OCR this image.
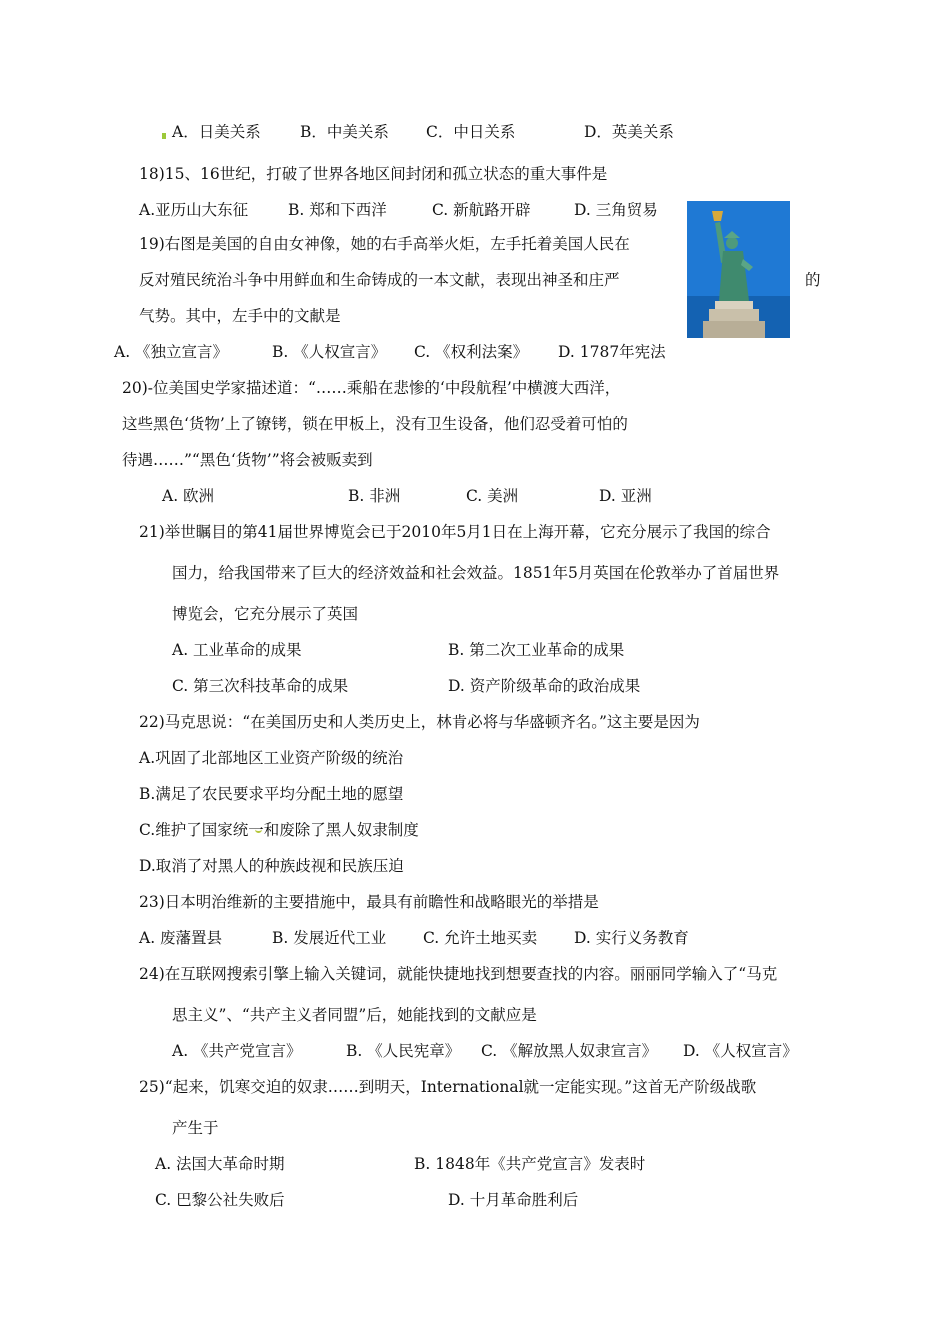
A．日美关系	B．中美关系 C．中日关系	D．英美关系
18)15、16世纪，打破了世界各地区间封闭和孤立状态的重大事件是
A.亚历山大东征	B. 郑和下西洋	C. 新航路开辟	D. 三角贸易
19)右图是美国的自由女神像，她的右手高举火炬，左手托着美国人民在
反对殖民统治斗争中用鲜血和生命铸成的一本文献，表现出神圣和庄严	的
气势。其中，左手中的文献是
A. 《独立宣言》	B. 《人权宣言》 C. 《权利法案》 D. 1787年宪法
20)-位美国史学家描述道：“……乘船在悲惨的‘中段航程’中横渡大西洋，
这些黑色‘货物’上了镣铐，锁在甲板上，没有卫生设备，他们忍受着可怕的
待遇……”“黑色‘货物’”将会被贩卖到
A. 欧洲	B. 非洲	C. 美洲	D. 亚洲
21)举世瞩目的第41届世界博览会已于2010年5月1日在上海开幕，它充分展示了我国的综合
国力，给我国带来了巨大的经济效益和社会效益。1851年5月英国在伦敦举办了首届世界
博览会，它充分展示了英国
A. 工业革命的成果	B. 第二次工业革命的成果
C. 第三次科技革命的成果	D. 资产阶级革命的政治成果
22)马克思说：“在美国历史和人类历史上，林肯必将与华盛顿齐名。”这主要是因为
A.巩固了北部地区工业资产阶级的统治
B.满足了农民要求平均分配土地的愿望
C.维护了国家统一和废除了黑人奴隶制度
D.取消了对黑人的种族歧视和民族压迫
23)日本明治维新的主要措施中，最具有前瞻性和战略眼光的举措是
A. 废藩置县	B. 发展近代工业 C. 允许土地买卖 D. 实行义务教育
24)在互联网搜索引擎上输入关键词，就能快捷地找到想要查找的内容。丽丽同学输入了“马克
思主义”、“共产主义者同盟”后，她能找到的文献应是
A. 《共产党宣言》	B. 《人民宪章》 C. 《解放黑人奴隶宣言》 D. 《人权宣言》
25)“起来，饥寒交迫的奴隶……到明天，International就一定能实现。”这首无产阶级战歌
产生于
A. 法国大革命时期	B. 1848年《共产党宣言》发表时
C. 巴黎公社失败后	D. 十月革命胜利后
